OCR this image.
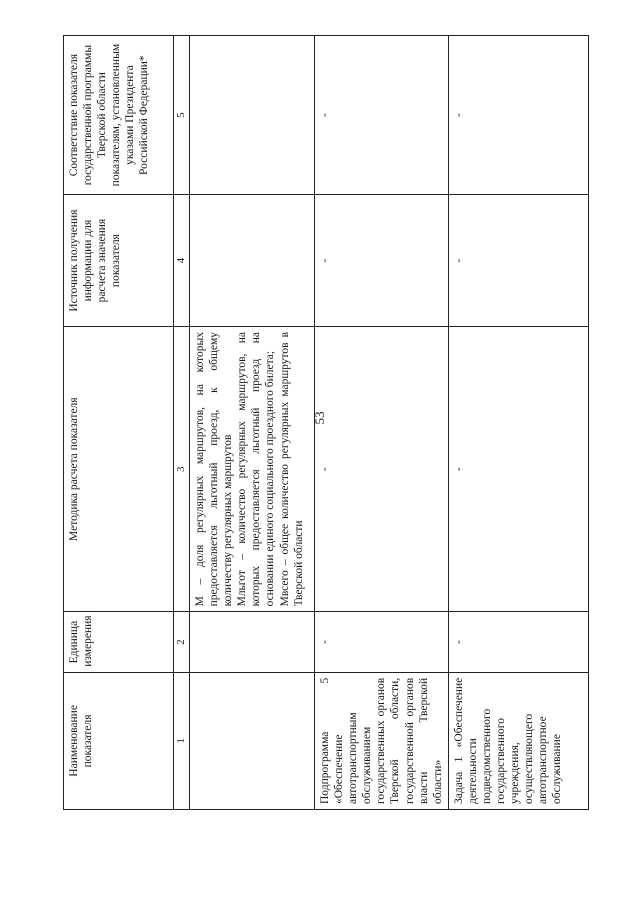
53
Наименование показателя	Единица измерения	Методика расчета показателя	Источник получения информации для расчета значения показателя	Соответствие показателя государственной программы Тверской области показателям, установленным указами Президента Российской Федерации*
1	2	3	4	5

		М – доля регулярных маршрутов, на которых предоставляется льготный проезд, к общему количеству регулярных маршрутов Мльгот – количество регулярных маршрутов, на которых предоставляется льготный проезд на основании единого социального проездного билета; Мвсего – общее количество регулярных маршрутов в Тверской области		

Подпрограмма 5 «Обеспечение автотранспортным обслуживанием государственных органов Тверской области, государственной органов власти Тверской области»	-	-	-	-
Задача 1 «Обеспечение деятельности подведомственного государственного учреждения, осуществляющего автотранспортное обслуживание	-	-	-	-
